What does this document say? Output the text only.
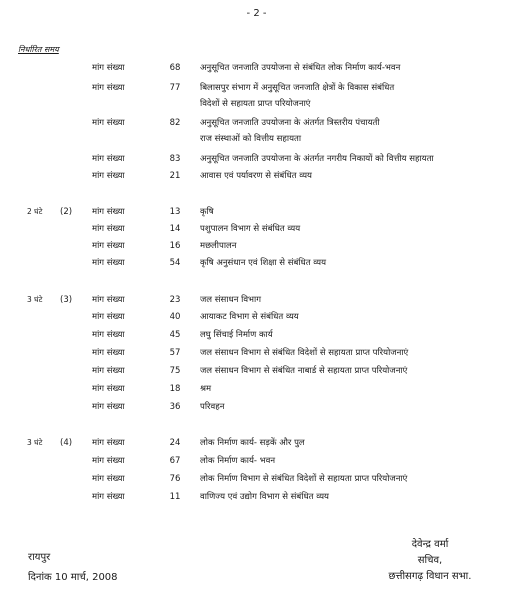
- 2 -
निर्धारित समय
मांग संख्या	68	अनुसूचित जनजाति उपयोजना से संबंधित लोक निर्माण कार्य-भवन
मांग संख्या	77	बिलासपुर संभाग में अनुसूचित जनजाति क्षेत्रों के विकास संबंधित
विदेशों से सहायता प्राप्त परियोजनाएं
मांग संख्या	82	अनुसूचित जनजाति उपयोजना के अंतर्गत त्रिस्तरीय पंचायती
राज संस्थाओं को वित्तीय सहायता
मांग संख्या	83	अनुसूचित जनजाति उपयोजना के अंतर्गत नगरीय निकायों को वित्तीय सहायता
मांग संख्या	21	आवास एवं पर्यावरण से संबंधित व्यय
2 घंटे (2) मांग संख्या	13	कृषि
मांग संख्या	14	पशुपालन विभाग से संबंधित व्यय
मांग संख्या	16	मछलीपालन
मांग संख्या	54	कृषि अनुसंधान एवं शिक्षा से संबंधित व्यय
3 घंटे (3) मांग संख्या	23	जल संसाधन विभाग
मांग संख्या	40	आयाकट विभाग से संबंधित व्यय
मांग संख्या	45	लघु सिंचाई निर्माण कार्य
मांग संख्या	57	जल संसाधन विभाग से संबंधित विदेशों से सहायता प्राप्त परियोजनाएं
मांग संख्या	75	जल संसाधन विभाग से संबंधित नाबार्ड से सहायता प्राप्त परियोजनाएं
मांग संख्या	18	श्रम
मांग संख्या	36	परिवहन
3 घंटे (4) मांग संख्या	24	लोक निर्माण कार्य- सड़कें और पुल
मांग संख्या	67	लोक निर्माण कार्य- भवन
मांग संख्या	76	लोक निर्माण विभाग से संबंधित विदेशों से सहायता प्राप्त परियोजनाएं
मांग संख्या	11	वाणिज्य एवं उद्योग विभाग से संबंधित व्यय
रायपुर
दिनांक 10 मार्च, 2008
देवेन्द्र वर्मा
सचिव,
छत्तीसगढ़ विधान सभा.
